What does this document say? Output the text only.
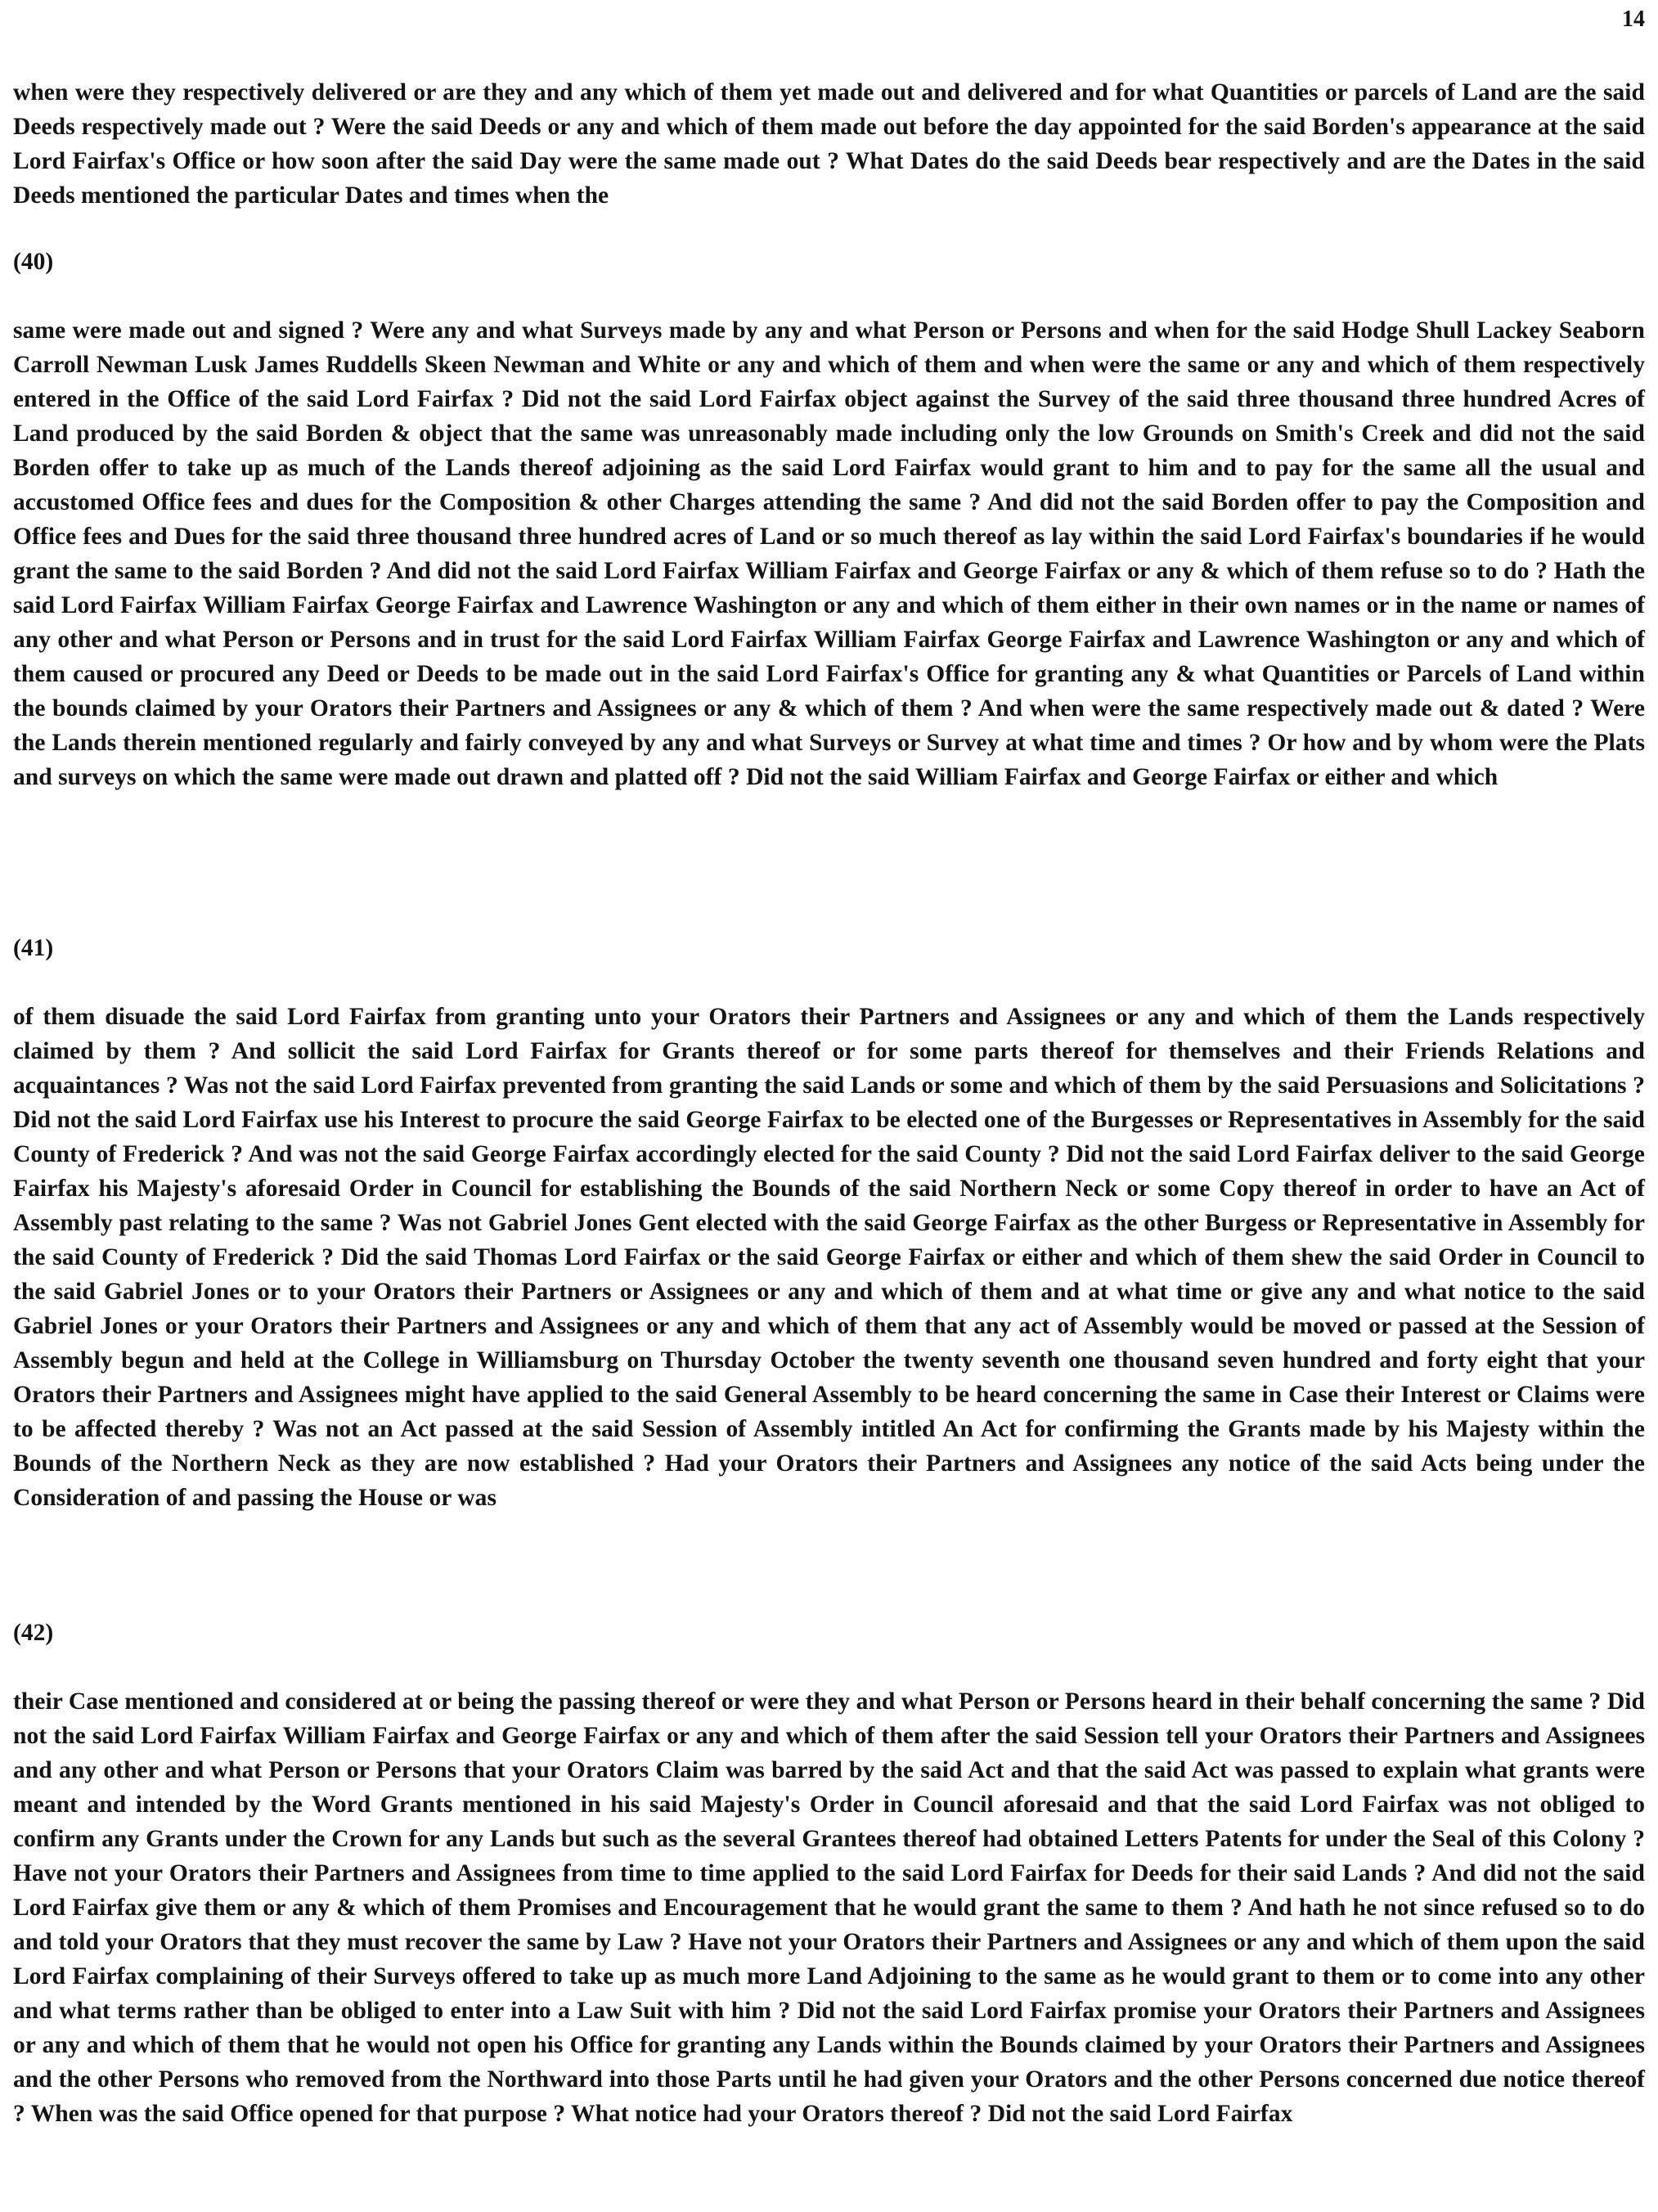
14

when were they respectively delivered or are they and any which of them yet made out and delivered and for what Quantities or parcels of Land are the said Deeds respectively made out ? Were the said Deeds or any and which of them made out before the day appointed for the said Borden's appearance at the said Lord Fairfax's Office or how soon after the said Day were the same made out ? What Dates do the said Deeds bear respectively and are the Dates in the said Deeds mentioned the particular Dates and times when the

(40)

same were made out and signed ? Were any and what Surveys made by any and what Person or Persons and when for the said Hodge Shull Lackey Seaborn Carroll Newman Lusk James Ruddells Skeen Newman and White or any and which of them and when were the same or any and which of them respectively entered in the Office of the said Lord Fairfax ? Did not the said Lord Fairfax object against the Survey of the said three thousand three hundred Acres of Land produced by the said Borden & object that the same was unreasonably made including only the low Grounds on Smith's Creek and did not the said Borden offer to take up as much of the Lands thereof adjoining as the said Lord Fairfax would grant to him and to pay for the same all the usual and accustomed Office fees and dues for the Composition & other Charges attending the same ? And did not the said Borden offer to pay the Composition and Office fees and Dues for the said three thousand three hundred acres of Land or so much thereof as lay within the said Lord Fairfax's boundaries if he would grant the same to the said Borden ? And did not the said Lord Fairfax William Fairfax and George Fairfax or any & which of them refuse so to do ? Hath the said Lord Fairfax William Fairfax George Fairfax and Lawrence Washington or any and which of them either in their own names or in the name or names of any other and what Person or Persons and in trust for the said Lord Fairfax William Fairfax George Fairfax and Lawrence Washington or any and which of them caused or procured any Deed or Deeds to be made out in the said Lord Fairfax's Office for granting any & what Quantities or Parcels of Land within the bounds claimed by your Orators their Partners and Assignees or any & which of them ? And when were the same respectively made out & dated ? Were the Lands therein mentioned regularly and fairly conveyed by any and what Surveys or Survey at what time and times ? Or how and by whom were the Plats and surveys on which the same were made out drawn and platted off ? Did not the said William Fairfax and George Fairfax or either and which

(41)

of them disuade the said Lord Fairfax from granting unto your Orators their Partners and Assignees or any and which of them the Lands respectively claimed by them ? And sollicit the said Lord Fairfax for Grants thereof or for some parts thereof for themselves and their Friends Relations and acquaintances ? Was not the said Lord Fairfax prevented from granting the said Lands or some and which of them by the said Persuasions and Solicitations ? Did not the said Lord Fairfax use his Interest to procure the said George Fairfax to be elected one of the Burgesses or Representatives in Assembly for the said County of Frederick ? And was not the said George Fairfax accordingly elected for the said County ? Did not the said Lord Fairfax deliver to the said George Fairfax his Majesty's aforesaid Order in Council for establishing the Bounds of the said Northern Neck or some Copy thereof in order to have an Act of Assembly past relating to the same ? Was not Gabriel Jones Gent elected with the said George Fairfax as the other Burgess or Representative in Assembly for the said County of Frederick ? Did the said Thomas Lord Fairfax or the said George Fairfax or either and which of them shew the said Order in Council to the said Gabriel Jones or to your Orators their Partners or Assignees or any and which of them and at what time or give any and what notice to the said Gabriel Jones or your Orators their Partners and Assignees or any and which of them that any act of Assembly would be moved or passed at the Session of Assembly begun and held at the College in Williamsburg on Thursday October the twenty seventh one thousand seven hundred and forty eight that your Orators their Partners and Assignees might have applied to the said General Assembly to be heard concerning the same in Case their Interest or Claims were to be affected thereby ? Was not an Act passed at the said Session of Assembly intitled An Act for confirming the Grants made by his Majesty within the Bounds of the Northern Neck as they are now established ? Had your Orators their Partners and Assignees any notice of the said Acts being under the Consideration of and passing the House or was

(42)

their Case mentioned and considered at or being the passing thereof or were they and what Person or Persons heard in their behalf concerning the same ? Did not the said Lord Fairfax William Fairfax and George Fairfax or any and which of them after the said Session tell your Orators their Partners and Assignees and any other and what Person or Persons that your Orators Claim was barred by the said Act and that the said Act was passed to explain what grants were meant and intended by the Word Grants mentioned in his said Majesty's Order in Council aforesaid and that the said Lord Fairfax was not obliged to confirm any Grants under the Crown for any Lands but such as the several Grantees thereof had obtained Letters Patents for under the Seal of this Colony ? Have not your Orators their Partners and Assignees from time to time applied to the said Lord Fairfax for Deeds for their said Lands ? And did not the said Lord Fairfax give them or any & which of them Promises and Encouragement that he would grant the same to them ? And hath he not since refused so to do and told your Orators that they must recover the same by Law ? Have not your Orators their Partners and Assignees or any and which of them upon the said Lord Fairfax complaining of their Surveys offered to take up as much more Land Adjoining to the same as he would grant to them or to come into any other and what terms rather than be obliged to enter into a Law Suit with him ? Did not the said Lord Fairfax promise your Orators their Partners and Assignees or any and which of them that he would not open his Office for granting any Lands within the Bounds claimed by your Orators their Partners and Assignees and the other Persons who removed from the Northward into those Parts until he had given your Orators and the other Persons concerned due notice thereof ? When was the said Office opened for that purpose ? What notice had your Orators thereof ? Did not the said Lord Fairfax
